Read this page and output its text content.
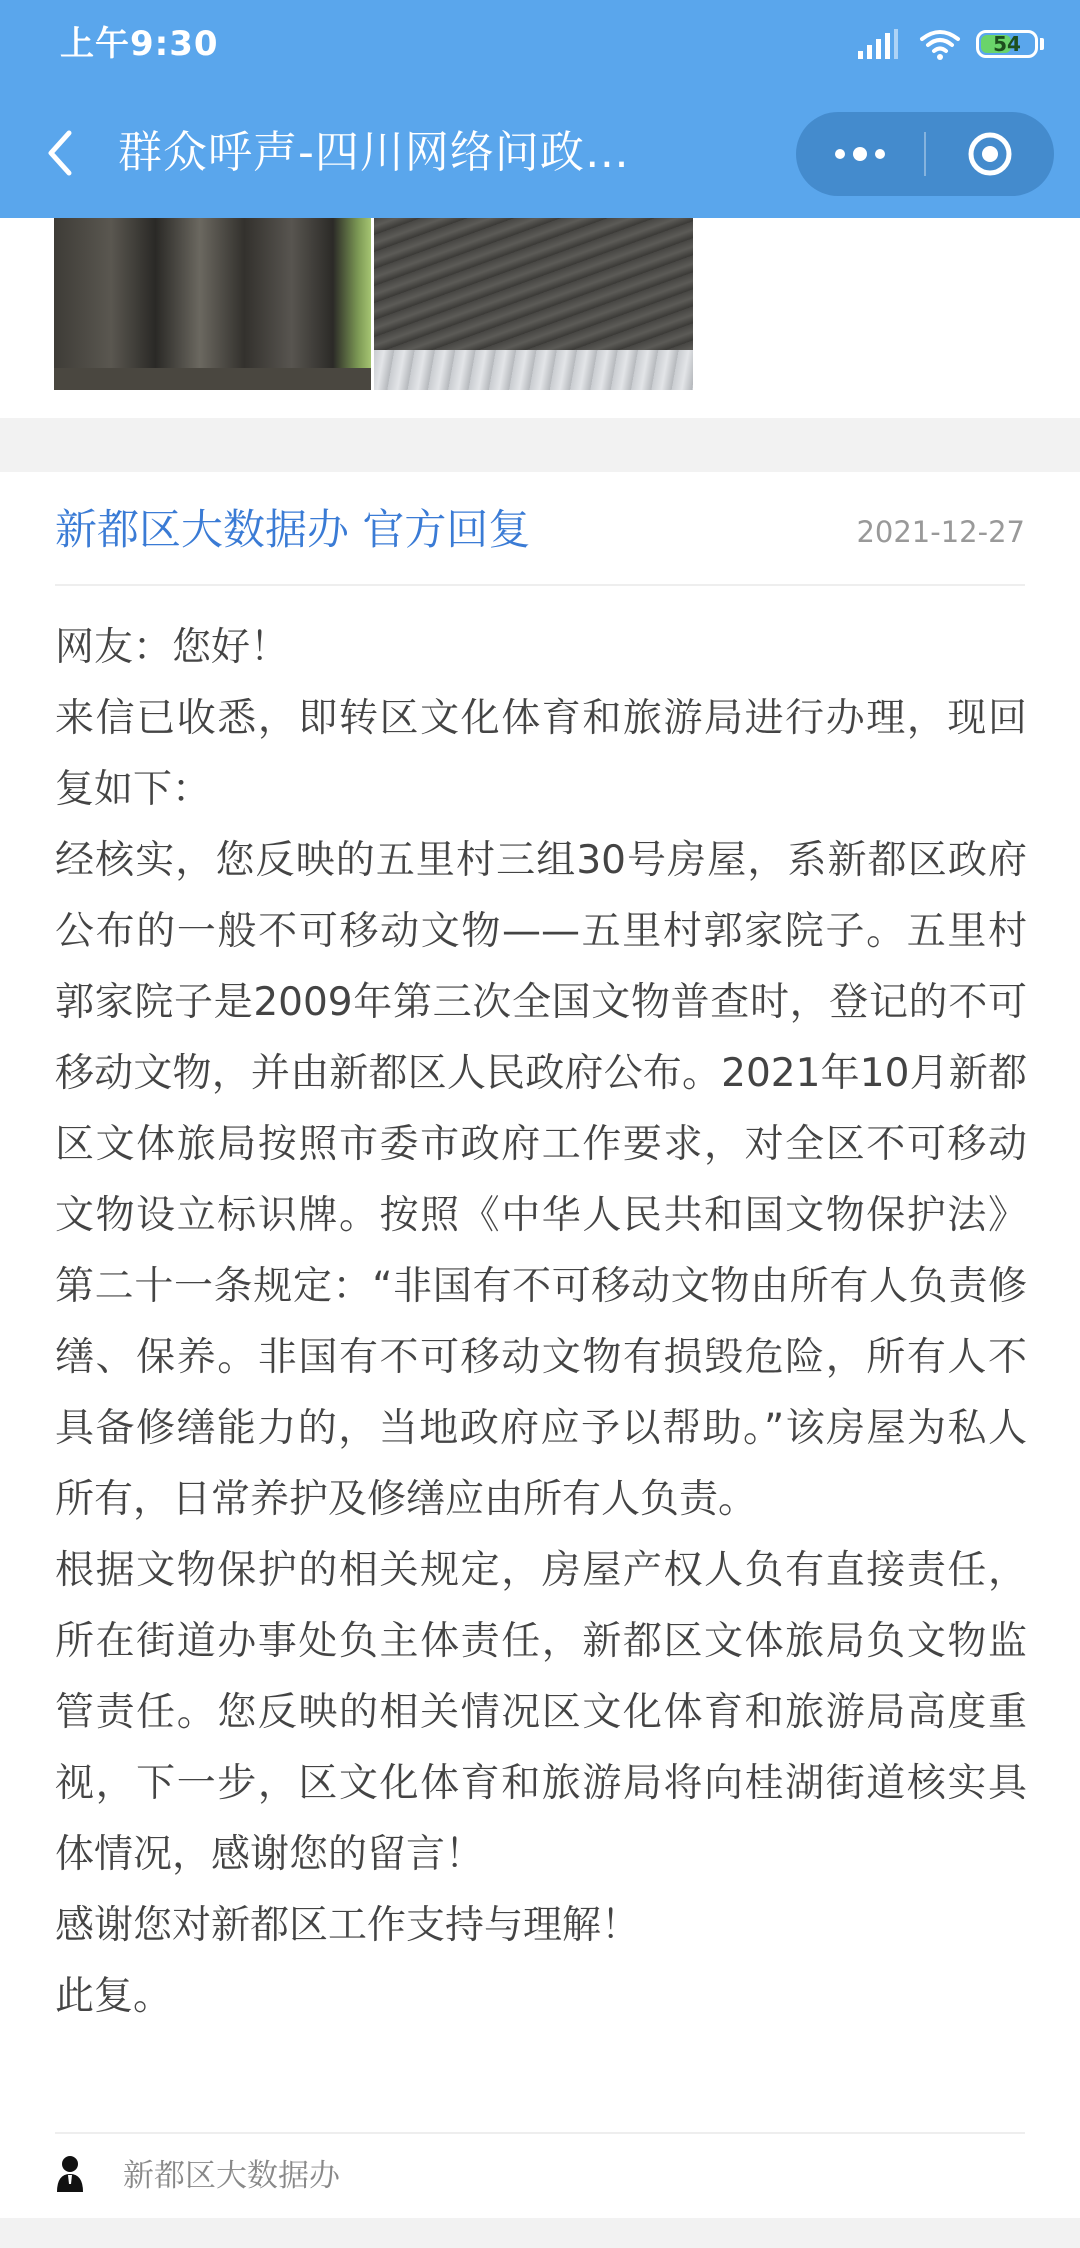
上午9:30	54
群众呼声-四川网络问政…
新都区大数据办 官方回复	2021-12-27

网友：您好！

来信已收悉，即转区文化体育和旅游局进行办理，现回复如下：

经核实，您反映的五里村三组30号房屋，系新都区政府公布的一般不可移动文物——五里村郭家院子。五里村郭家院子是2009年第三次全国文物普查时，登记的不可移动文物，并由新都区人民政府公布。2021年10月新都区文体旅局按照市委市政府工作要求，对全区不可移动文物设立标识牌。按照《中华人民共和国文物保护法》第二十一条规定：“非国有不可移动文物由所有人负责修缮、保养。非国有不可移动文物有损毁危险，所有人不具备修缮能力的，当地政府应予以帮助。”该房屋为私人所有，日常养护及修缮应由所有人负责。

根据文物保护的相关规定，房屋产权人负有直接责任，所在街道办事处负主体责任，新都区文体旅局负文物监管责任。您反映的相关情况区文化体育和旅游局高度重视，下一步，区文化体育和旅游局将向桂湖街道核实具体情况，感谢您的留言！

感谢您对新都区工作支持与理解！

此复。

新都区大数据办
